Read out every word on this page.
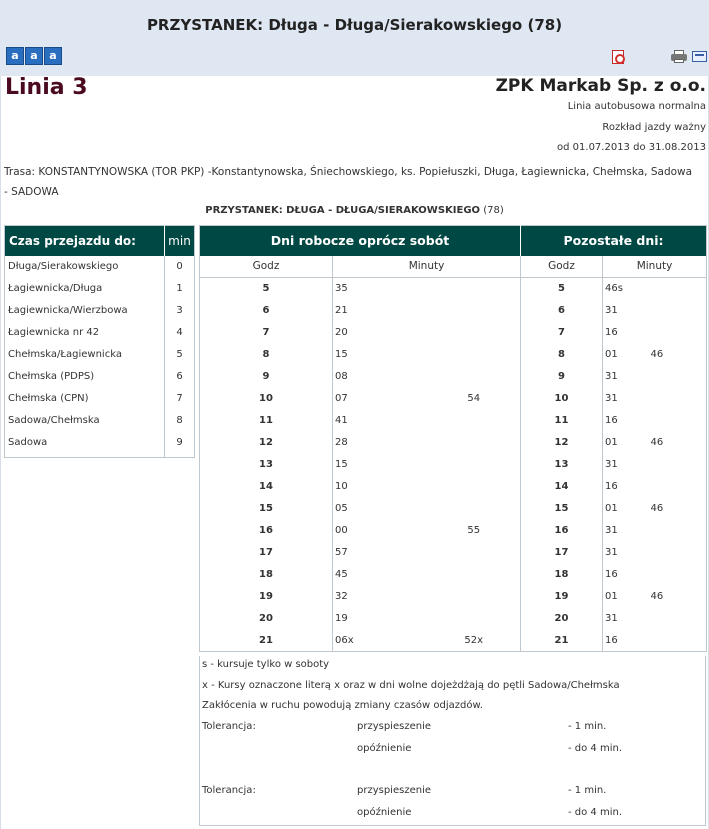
PRZYSTANEK: Długa - Długa/Sierakowskiego (78)
a	a	a
Linia 3	ZPK Markab Sp. z o.o.
Linia autobusowa normalna
Rozkład jazdy ważny
od 01.07.2013 do 31.08.2013
Trasa: KONSTANTYNOWSKA (TOR PKP) -Konstantynowska, Śniechowskiego, ks. Popiełuszki, Długa, Łagiewnicka, Chełmska, Sadowa - SADOWA
PRZYSTANEK: DŁUGA - DŁUGA/SIERAKOWSKIEGO (78)
Czas przejazdu do:	min
Długa/Sierakowskiego	0
Łagiewnicka/Długa	1
Łagiewnicka/Wierzbowa	3
Łagiewnicka nr 42	4
Chełmska/Łagiewnicka	5
Chełmska (PDPS)	6
Chełmska (CPN)	7
Sadowa/Chełmska	8
Sadowa	9

Dni robocze oprócz sobót			Pozostałe dni:		
Godz	Minuty		Godz	Minuty	
5	35		5	46s	
6	21		6	31	
7	20		7	16	
8	15		8	01	46
9	08		9	31	
10	07	54	10	31	
11	41		11	16	
12	28		12	01	46
13	15		13	31	
14	10		14	16	
15	05		15	01	46
16	00	55	16	31	
17	57		17	31	
18	45		18	16	
19	32		19	01	46
20	19		20	31	
21	06x	52x	21	16	
s - kursuje tylko w soboty
x - Kursy oznaczone literą x oraz w dni wolne dojeżdżają do pętli Sadowa/Chełmska
Zakłócenia w ruchu powodują zmiany czasów odjazdów.
Tolerancja:	przyspieszenie	- 1 min.
opóźnienie	- do 4 min.
Tolerancja:	przyspieszenie	- 1 min.
opóźnienie	- do 4 min.
